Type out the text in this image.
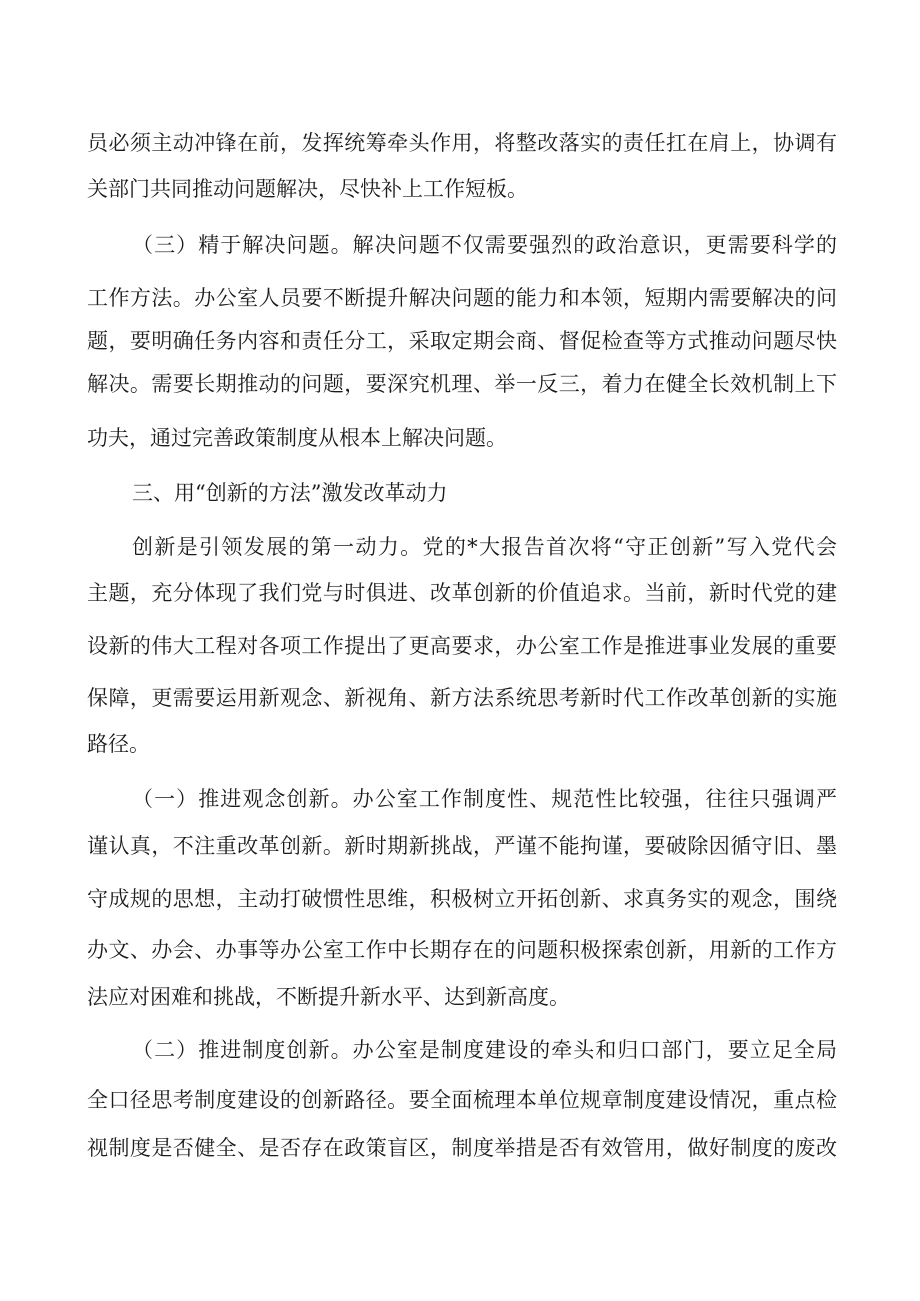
员必须主动冲锋在前，发挥统筹牵头作用，将整改落实的责任扛在肩上，协调有
关部门共同推动问题解决，尽快补上工作短板。
（三）精于解决问题。解决问题不仅需要强烈的政治意识，更需要科学的
工作方法。办公室人员要不断提升解决问题的能力和本领，短期内需要解决的问
题，要明确任务内容和责任分工，采取定期会商、督促检查等方式推动问题尽快
解决。需要长期推动的问题，要深究机理、举一反三，着力在健全长效机制上下
功夫，通过完善政策制度从根本上解决问题。
三、用“创新的方法”激发改革动力
创新是引领发展的第一动力。党的*大报告首次将“守正创新”写入党代会
主题，充分体现了我们党与时俱进、改革创新的价值追求。当前，新时代党的建
设新的伟大工程对各项工作提出了更高要求，办公室工作是推进事业发展的重要
保障，更需要运用新观念、新视角、新方法系统思考新时代工作改革创新的实施
路径。
（一）推进观念创新。办公室工作制度性、规范性比较强，往往只强调严
谨认真，不注重改革创新。新时期新挑战，严谨不能拘谨，要破除因循守旧、墨
守成规的思想，主动打破惯性思维，积极树立开拓创新、求真务实的观念，围绕
办文、办会、办事等办公室工作中长期存在的问题积极探索创新，用新的工作方
法应对困难和挑战，不断提升新水平、达到新高度。
（二）推进制度创新。办公室是制度建设的牵头和归口部门，要立足全局
全口径思考制度建设的创新路径。要全面梳理本单位规章制度建设情况，重点检
视制度是否健全、是否存在政策盲区，制度举措是否有效管用，做好制度的废改
